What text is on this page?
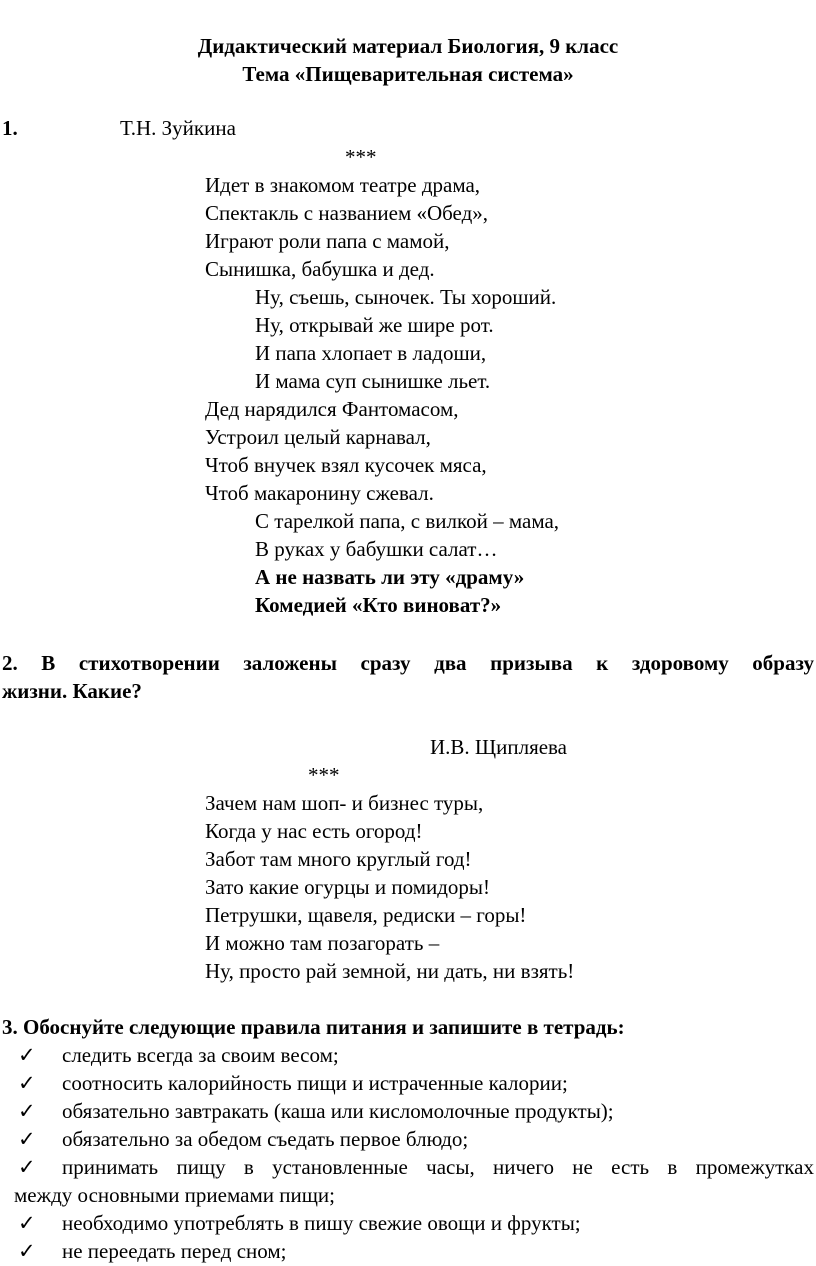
Дидактический материал Биология, 9 класс
Тема «Пищеварительная система»
1.	Т.Н. Зуйкина
***
Идет в знакомом театре драма,
Спектакль с названием «Обед»,
Играют роли папа с мамой,
Сынишка, бабушка и дед.
Ну, съешь, сыночек. Ты хороший.
Ну, открывай же шире рот.
И папа хлопает в ладоши,
И мама суп сынишке льет.
Дед нарядился Фантомасом,
Устроил целый карнавал,
Чтоб внучек взял кусочек мяса,
Чтоб макаронину сжевал.
С тарелкой папа, с вилкой – мама,
В руках у бабушки салат…
А не назвать ли эту «драму»
Комедией «Кто виноват?»
2. В стихотворении заложены сразу два призыва к здоровому образу
жизни. Какие?
И.В. Щипляева
***
Зачем нам шоп- и бизнес туры,
Когда у нас есть огород!
Забот там много круглый год!
Зато какие огурцы и помидоры!
Петрушки, щавеля, редиски – горы!
И можно там позагорать –
Ну, просто рай земной, ни дать, ни взять!
3. Обоснуйте следующие правила питания и запишите в тетрадь:
✓ следить всегда за своим весом;
✓ соотносить калорийность пищи и истраченные калории;
✓ обязательно завтракать (каша или кисломолочные продукты);
✓ обязательно за обедом съедать первое блюдо;
✓ принимать пищу в установленные часы, ничего не есть в промежутках
между основными приемами пищи;
✓ необходимо употреблять в пишу свежие овощи и фрукты;
✓ не переедать перед сном;
